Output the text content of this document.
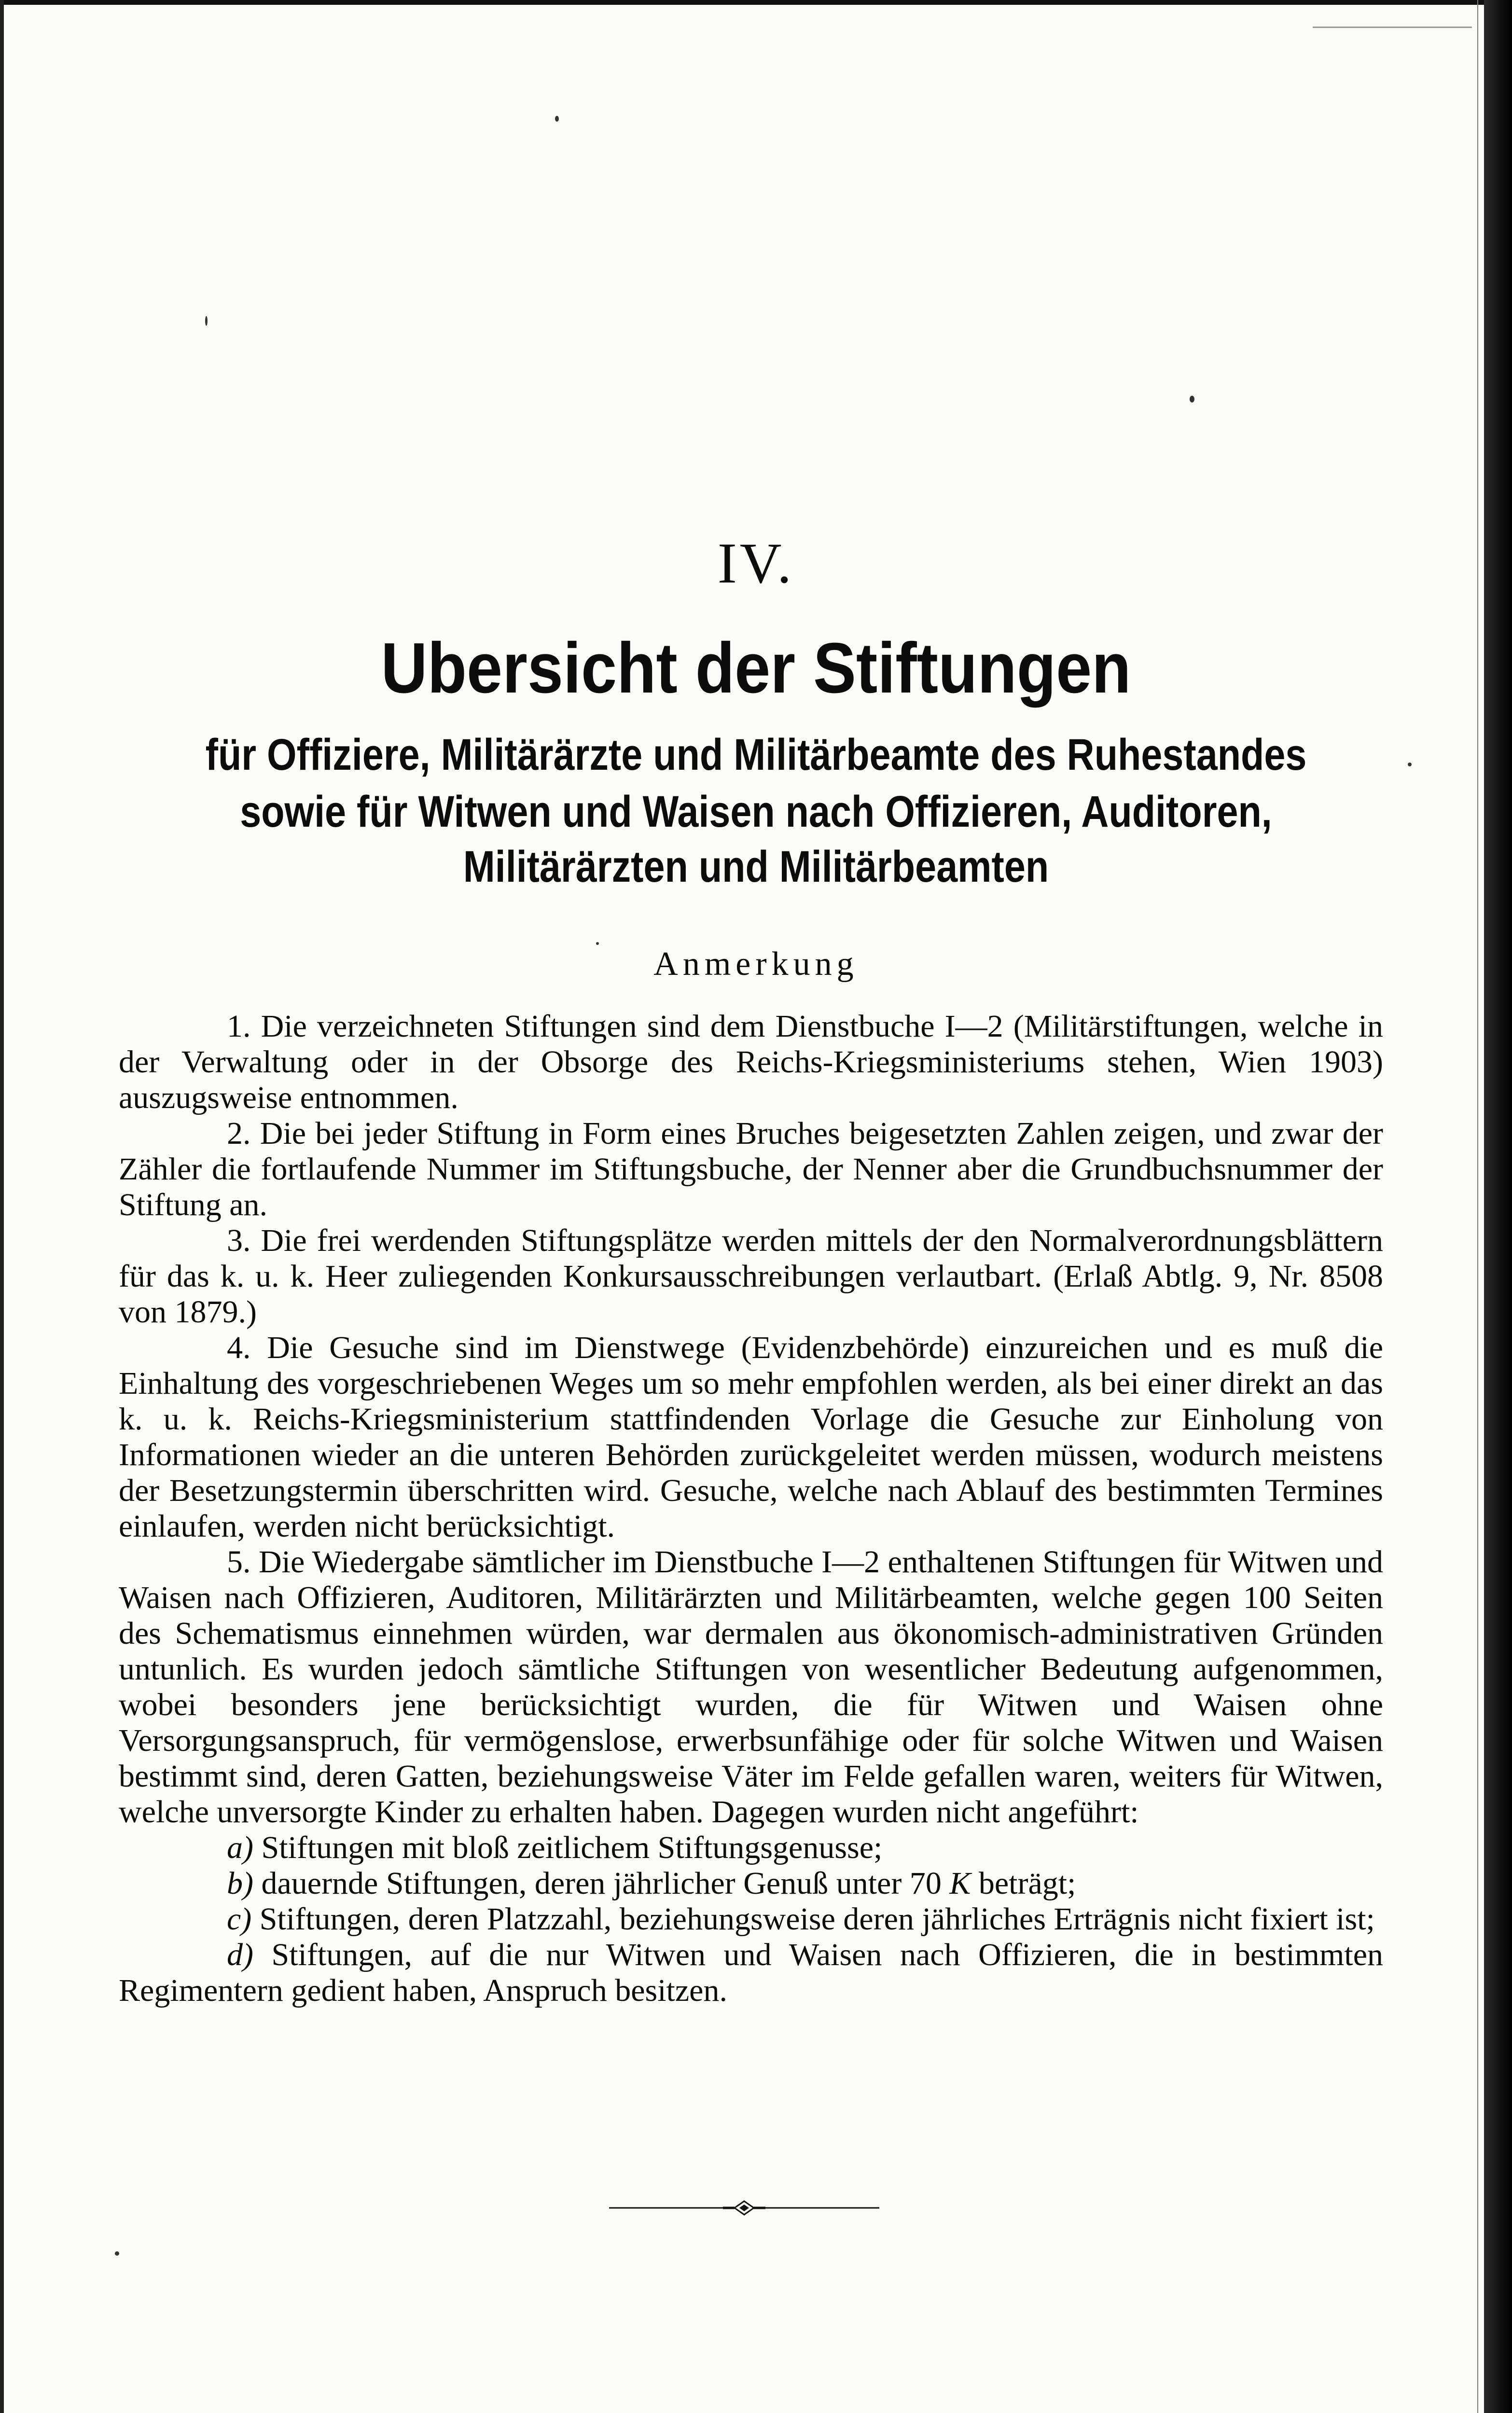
IV.
Ubersicht der Stiftungen
für Offiziere, Militärärzte und Militärbeamte des Ruhestandes
sowie für Witwen und Waisen nach Offizieren, Auditoren,
Militärärzten und Militärbeamten
Anmerkung

1. Die verzeichneten Stiftungen sind dem Dienstbuche I—2 (Militärstiftungen, welche in der Verwaltung oder in der Obsorge des Reichs-Kriegsministeriums stehen, Wien 1903) auszugsweise entnommen.

2. Die bei jeder Stiftung in Form eines Bruches beigesetzten Zahlen zeigen, und zwar der Zähler die fortlaufende Nummer im Stiftungsbuche, der Nenner aber die Grundbuchsnummer der Stiftung an.

3. Die frei werdenden Stiftungsplätze werden mittels der den Normalverordnungsblättern für das k. u. k. Heer zuliegenden Konkursausschreibungen verlautbart. (Erlaß Abtlg. 9, Nr. 8508 von 1879.)

4. Die Gesuche sind im Dienstwege (Evidenzbehörde) einzureichen und es muß die Einhaltung des vorgeschriebenen Weges um so mehr empfohlen werden, als bei einer direkt an das k. u. k. Reichs-Kriegsministerium stattfindenden Vorlage die Gesuche zur Einholung von Informationen wieder an die unteren Behörden zurückgeleitet werden müssen, wodurch meistens der Besetzungstermin überschritten wird. Gesuche, welche nach Ablauf des bestimmten Termines einlaufen, werden nicht berücksichtigt.

5. Die Wiedergabe sämtlicher im Dienstbuche I—2 enthaltenen Stiftungen für Witwen und Waisen nach Offizieren, Auditoren, Militärärzten und Militärbeamten, welche gegen 100 Seiten des Schematismus einnehmen würden, war dermalen aus ökonomisch-administrativen Gründen untunlich. Es wurden jedoch sämtliche Stiftungen von wesentlicher Bedeutung aufgenommen, wobei besonders jene berücksichtigt wurden, die für Witwen und Waisen ohne Versorgungsanspruch, für vermögenslose, erwerbsunfähige oder für solche Witwen und Waisen bestimmt sind, deren Gatten, beziehungsweise Väter im Felde gefallen waren, weiters für Witwen, welche unversorgte Kinder zu erhalten haben. Dagegen wurden nicht angeführt:

a) Stiftungen mit bloß zeitlichem Stiftungsgenusse;

b) dauernde Stiftungen, deren jährlicher Genuß unter 70 K beträgt;

c) Stiftungen, deren Platzzahl, beziehungsweise deren jährliches Erträgnis nicht fixiert ist;

d) Stiftungen, auf die nur Witwen und Waisen nach Offizieren, die in bestimmten Regimentern gedient haben, Anspruch besitzen.
